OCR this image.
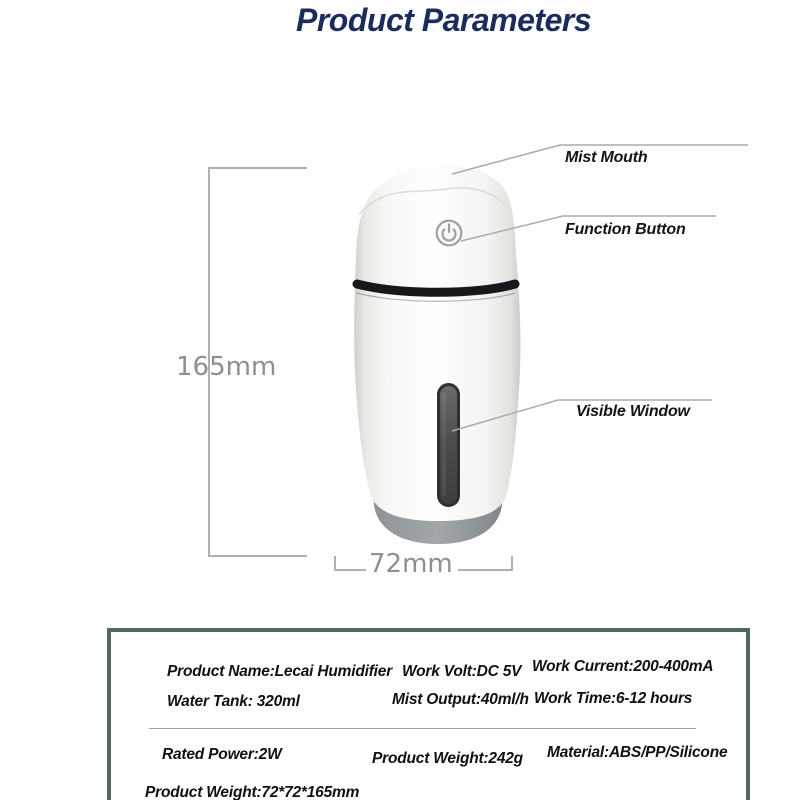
Product Parameters
Mist Mouth
Function Button
Visible Window
165mm
72mm
Product Name:Lecai Humidifier Work Volt:DC 5V Work Current:200-400mA
Water Tank: 320ml	Mist Output:40ml/h Work Time:6-12 hours
Rated Power:2W	Product Weight:242g Material:ABS/PP/Silicone
Product Weight:72*72*165mm
